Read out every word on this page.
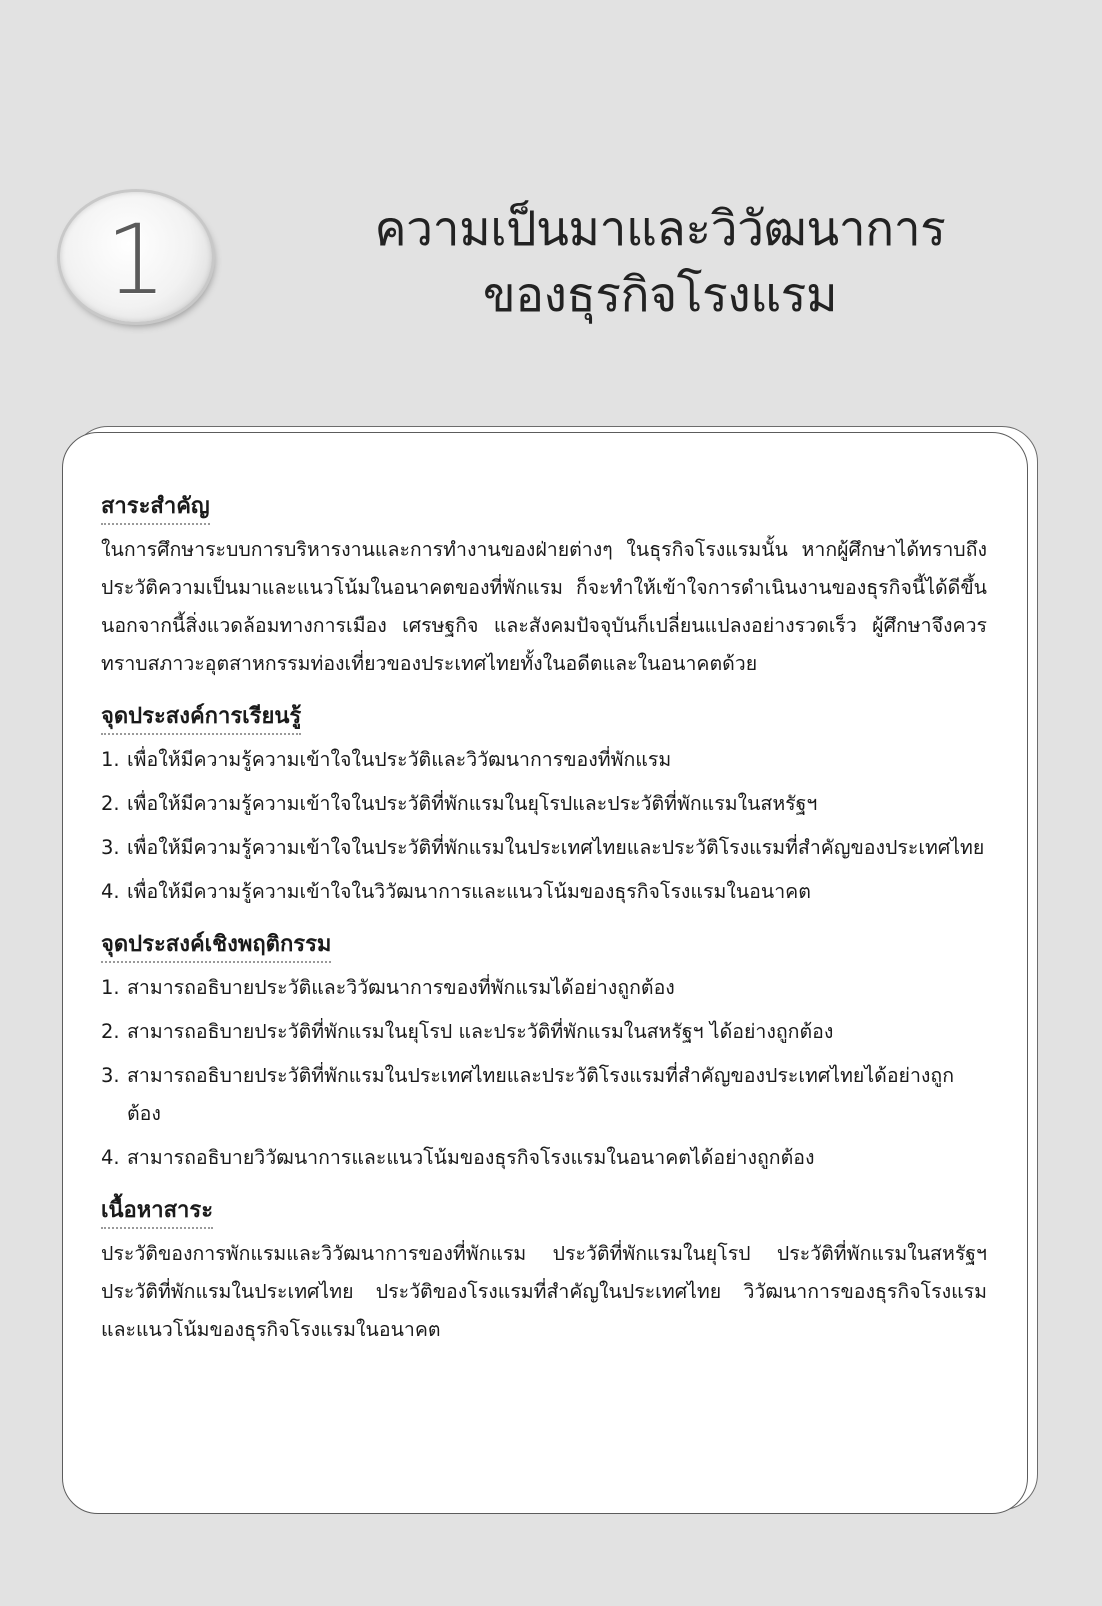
1	ความเป็นมาและวิวัฒนาการ
ของธุรกิจโรงแรม
สาระสำคัญ

ในการศึกษาระบบการบริหารงานและการทำงานของฝ่ายต่างๆ ในธุรกิจโรงแรมนั้น หากผู้ศึกษาได้ทราบถึงประวัติความเป็นมาและแนวโน้มในอนาคตของที่พักแรม ก็จะทำให้เข้าใจการดำเนินงานของธุรกิจนี้ได้ดีขึ้น นอกจากนี้สิ่งแวดล้อมทางการเมือง เศรษฐกิจ และสังคมปัจจุบันก็เปลี่ยนแปลงอย่างรวดเร็ว ผู้ศึกษาจึงควรทราบสภาวะอุตสาหกรรมท่องเที่ยวของประเทศไทยทั้งในอดีตและในอนาคตด้วย

จุดประสงค์การเรียนรู้
1. เพื่อให้มีความรู้ความเข้าใจในประวัติและวิวัฒนาการของที่พักแรม
2. เพื่อให้มีความรู้ความเข้าใจในประวัติที่พักแรมในยุโรปและประวัติที่พักแรมในสหรัฐฯ
3. เพื่อให้มีความรู้ความเข้าใจในประวัติที่พักแรมในประเทศไทยและประวัติโรงแรมที่สำคัญของประเทศไทย
4. เพื่อให้มีความรู้ความเข้าใจในวิวัฒนาการและแนวโน้มของธุรกิจโรงแรมในอนาคต
จุดประสงค์เชิงพฤติกรรม
1. สามารถอธิบายประวัติและวิวัฒนาการของที่พักแรมได้อย่างถูกต้อง
2. สามารถอธิบายประวัติที่พักแรมในยุโรป และประวัติที่พักแรมในสหรัฐฯ ได้อย่างถูกต้อง
3. สามารถอธิบายประวัติที่พักแรมในประเทศไทยและประวัติโรงแรมที่สำคัญของประเทศไทยได้อย่างถูกต้อง
4. สามารถอธิบายวิวัฒนาการและแนวโน้มของธุรกิจโรงแรมในอนาคตได้อย่างถูกต้อง
เนื้อหาสาระ

ประวัติของการพักแรมและวิวัฒนาการของที่พักแรม ประวัติที่พักแรมในยุโรป ประวัติที่พักแรมในสหรัฐฯ ประวัติที่พักแรมในประเทศไทย ประวัติของโรงแรมที่สำคัญในประเทศไทย วิวัฒนาการของธุรกิจโรงแรม และแนวโน้มของธุรกิจโรงแรมในอนาคต
